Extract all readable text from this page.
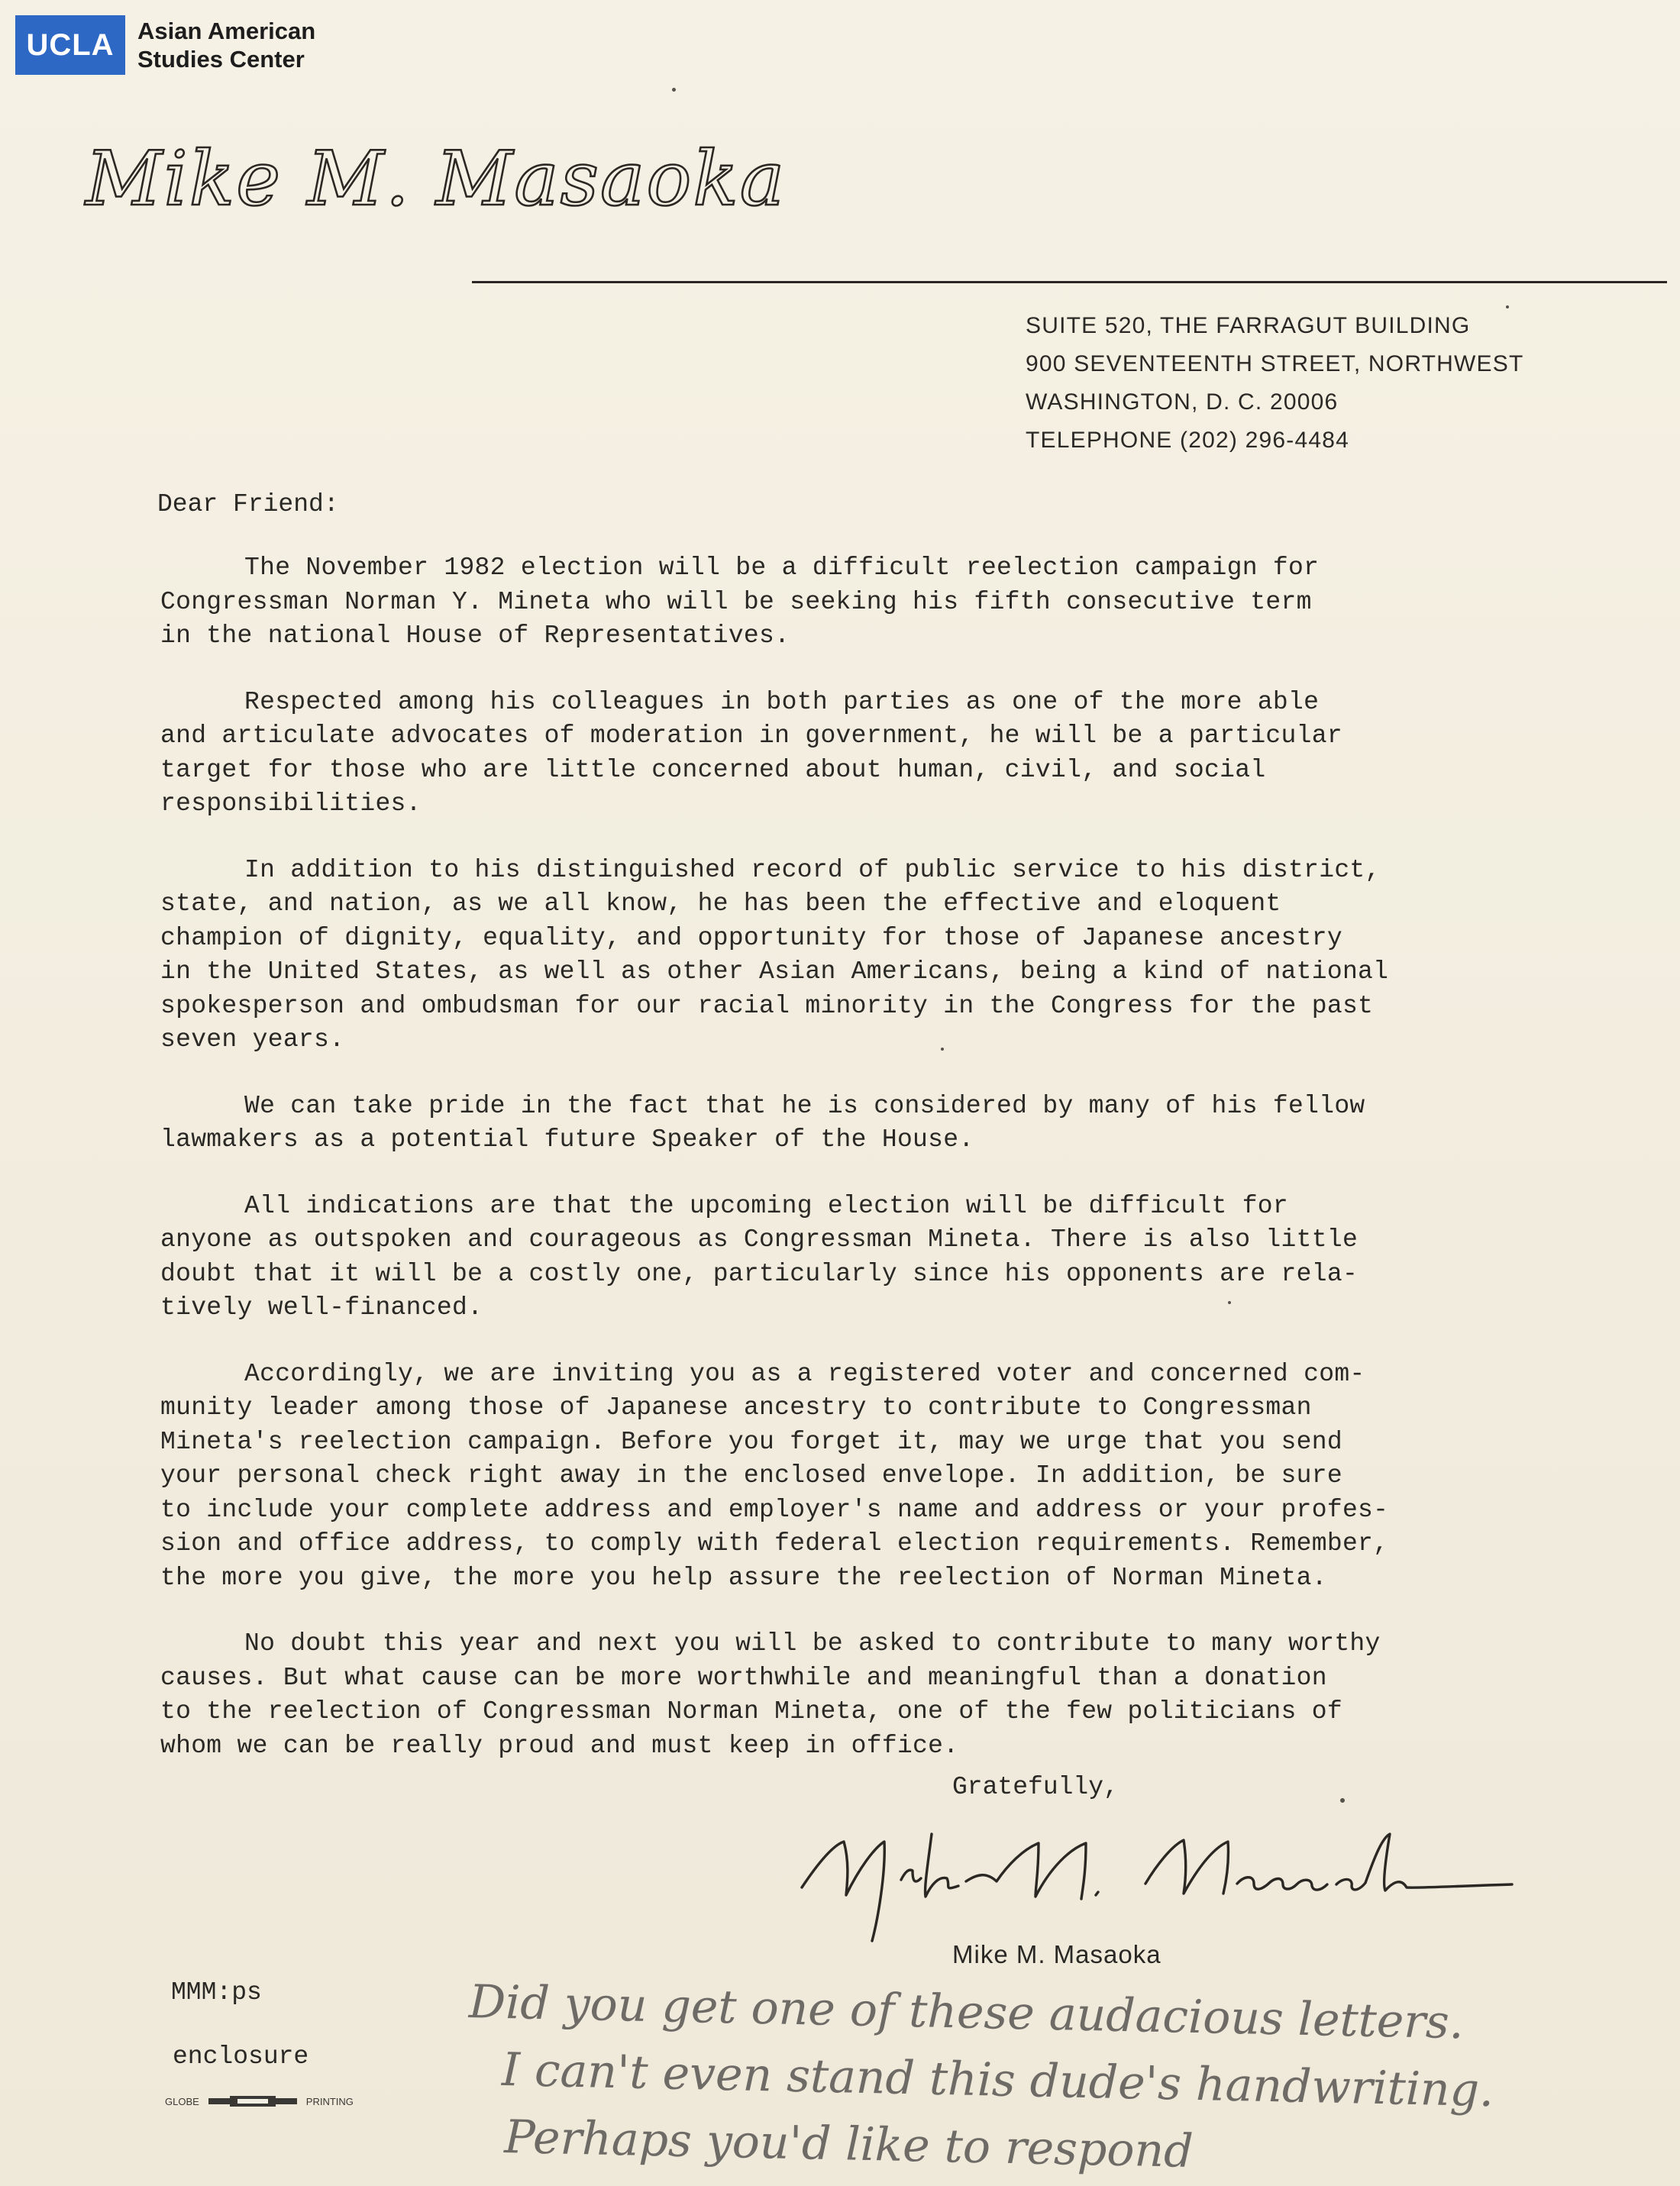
UCLA Asian American
Studies Center
Mike M. Masaoka
SUITE 520, THE FARRAGUT BUILDING
900 SEVENTEENTH STREET, NORTHWEST
WASHINGTON, D. C. 20006
TELEPHONE (202) 296-4484
Dear Friend:
The November 1982 election will be a difficult reelection campaign for
Congressman Norman Y. Mineta who will be seeking his fifth consecutive term
in the national House of Representatives.
Respected among his colleagues in both parties as one of the more able
and articulate advocates of moderation in government, he will be a particular
target for those who are little concerned about human, civil, and social
responsibilities.
In addition to his distinguished record of public service to his district,
state, and nation, as we all know, he has been the effective and eloquent
champion of dignity, equality, and opportunity for those of Japanese ancestry
in the United States, as well as other Asian Americans, being a kind of national
spokesperson and ombudsman for our racial minority in the Congress for the past
seven years.
We can take pride in the fact that he is considered by many of his fellow
lawmakers as a potential future Speaker of the House.
All indications are that the upcoming election will be difficult for
anyone as outspoken and courageous as Congressman Mineta. There is also little
doubt that it will be a costly one, particularly since his opponents are rela-
tively well-financed.
Accordingly, we are inviting you as a registered voter and concerned com-
munity leader among those of Japanese ancestry to contribute to Congressman
Mineta's reelection campaign. Before you forget it, may we urge that you send
your personal check right away in the enclosed envelope. In addition, be sure
to include your complete address and employer's name and address or your profes-
sion and office address, to comply with federal election requirements. Remember,
the more you give, the more you help assure the reelection of Norman Mineta.
No doubt this year and next you will be asked to contribute to many worthy
causes. But what cause can be more worthwhile and meaningful than a donation
to the reelection of Congressman Norman Mineta, one of the few politicians of
whom we can be really proud and must keep in office.
Gratefully,
Mike M. Masaoka
MMM:ps
enclosure
GLOBE	PRINTING
Did you get one of these audacious letters.
I can't even stand this dude's handwriting.
Perhaps you'd like to respond
